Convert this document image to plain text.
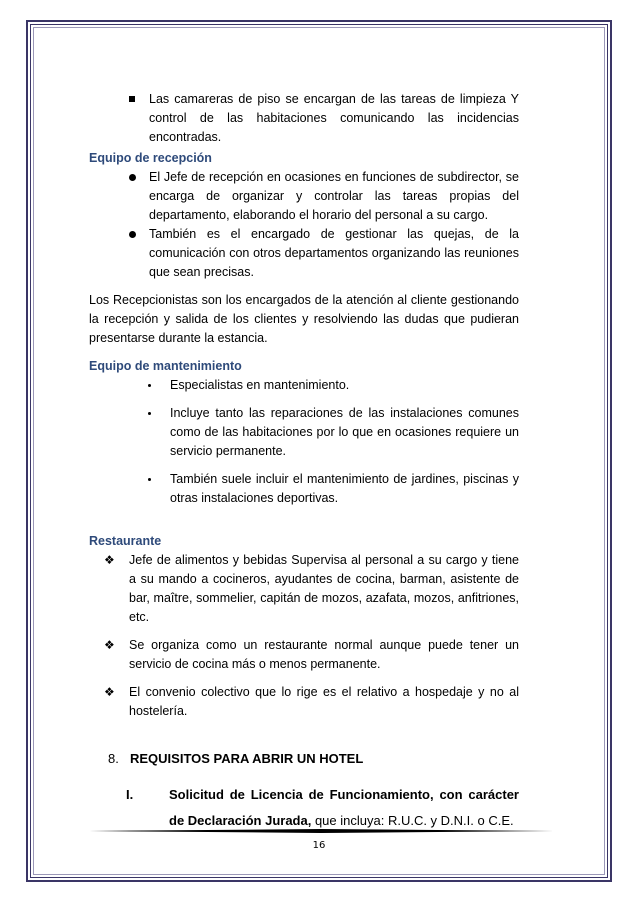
Las camareras de piso se encargan de las tareas de limpieza Y control de las habitaciones comunicando las incidencias encontradas.

Equipo de recepción

El Jefe de recepción en ocasiones en funciones de subdirector, se encarga de organizar y controlar las tareas propias del departamento, elaborando el horario del personal a su cargo.
También es el encargado de gestionar las quejas, de la comunicación con otros departamentos organizando las reuniones que sean precisas.

Los Recepcionistas son los encargados de la atención al cliente gestionando la recepción y salida de los clientes y resolviendo las dudas que pudieran presentarse durante la estancia.

Equipo de mantenimiento

Especialistas en mantenimiento.
Incluye tanto las reparaciones de las instalaciones comunes como de las habitaciones por lo que en ocasiones requiere un servicio permanente.
También suele incluir el mantenimiento de jardines, piscinas y otras instalaciones deportivas.

Restaurante

❖ Jefe de alimentos y bebidas Supervisa al personal a su cargo y tiene a su mando a cocineros, ayudantes de cocina, barman, asistente de bar, maître, sommelier, capitán de mozos, azafata, mozos, anfitriones, etc.
❖ Se organiza como un restaurante normal aunque puede tener un servicio de cocina más o menos permanente.
❖ El convenio colectivo que lo rige es el relativo a hospedaje y no al hostelería.

8. REQUISITOS PARA ABRIR UN HOTEL

I.	Solicitud de Licencia de Funcionamiento, con carácter de Declaración Jurada, que incluya: R.U.C. y D.N.I. o C.E.
16
